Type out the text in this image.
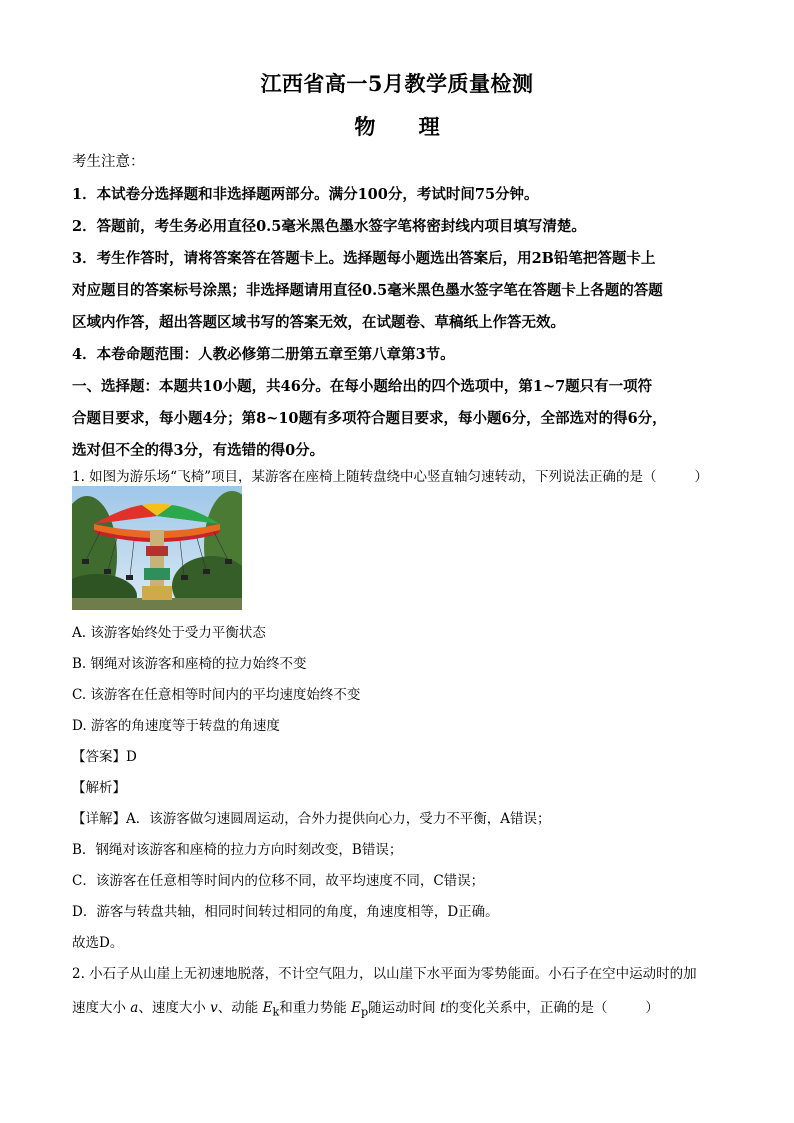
江西省高一5月教学质量检测
物 理
考生注意：
1．本试卷分选择题和非选择题两部分。满分100分，考试时间75分钟。
2．答题前，考生务必用直径0.5毫米黑色墨水签字笔将密封线内项目填写清楚。
3．考生作答时，请将答案答在答题卡上。选择题每小题选出答案后，用2B铅笔把答题卡上
对应题目的答案标号涂黑；非选择题请用直径0.5毫米黑色墨水签字笔在答题卡上各题的答题
区域内作答，超出答题区域书写的答案无效，在试题卷、草稿纸上作答无效。
4．本卷命题范围：人教必修第二册第五章至第八章第3节。
一、选择题：本题共10小题，共46分。在每小题给出的四个选项中，第1~7题只有一项符
合题目要求，每小题4分；第8~10题有多项符合题目要求，每小题6分，全部选对的得6分，
选对但不全的得3分，有选错的得0分。
1. 如图为游乐场“飞椅”项目，某游客在座椅上随转盘绕中心竖直轴匀速转动，下列说法正确的是（	）
A. 该游客始终处于受力平衡状态
B. 钢绳对该游客和座椅的拉力始终不变
C. 该游客在任意相等时间内的平均速度始终不变
D. 游客的角速度等于转盘的角速度
【答案】D
【解析】
【详解】A．该游客做匀速圆周运动，合外力提供向心力，受力不平衡，A错误；
B．钢绳对该游客和座椅的拉力方向时刻改变，B错误；
C．该游客在任意相等时间内的位移不同，故平均速度不同，C错误；
D．游客与转盘共轴，相同时间转过相同的角度，角速度相等，D正确。
故选D。
2. 小石子从山崖上无初速地脱落，不计空气阻力，以山崖下水平面为零势能面。小石子在空中运动时的加
速度大小 a、速度大小 v、动能 $E_k$和重力势能 $E_p$随运动时间 t的变化关系中，正确的是（	）
